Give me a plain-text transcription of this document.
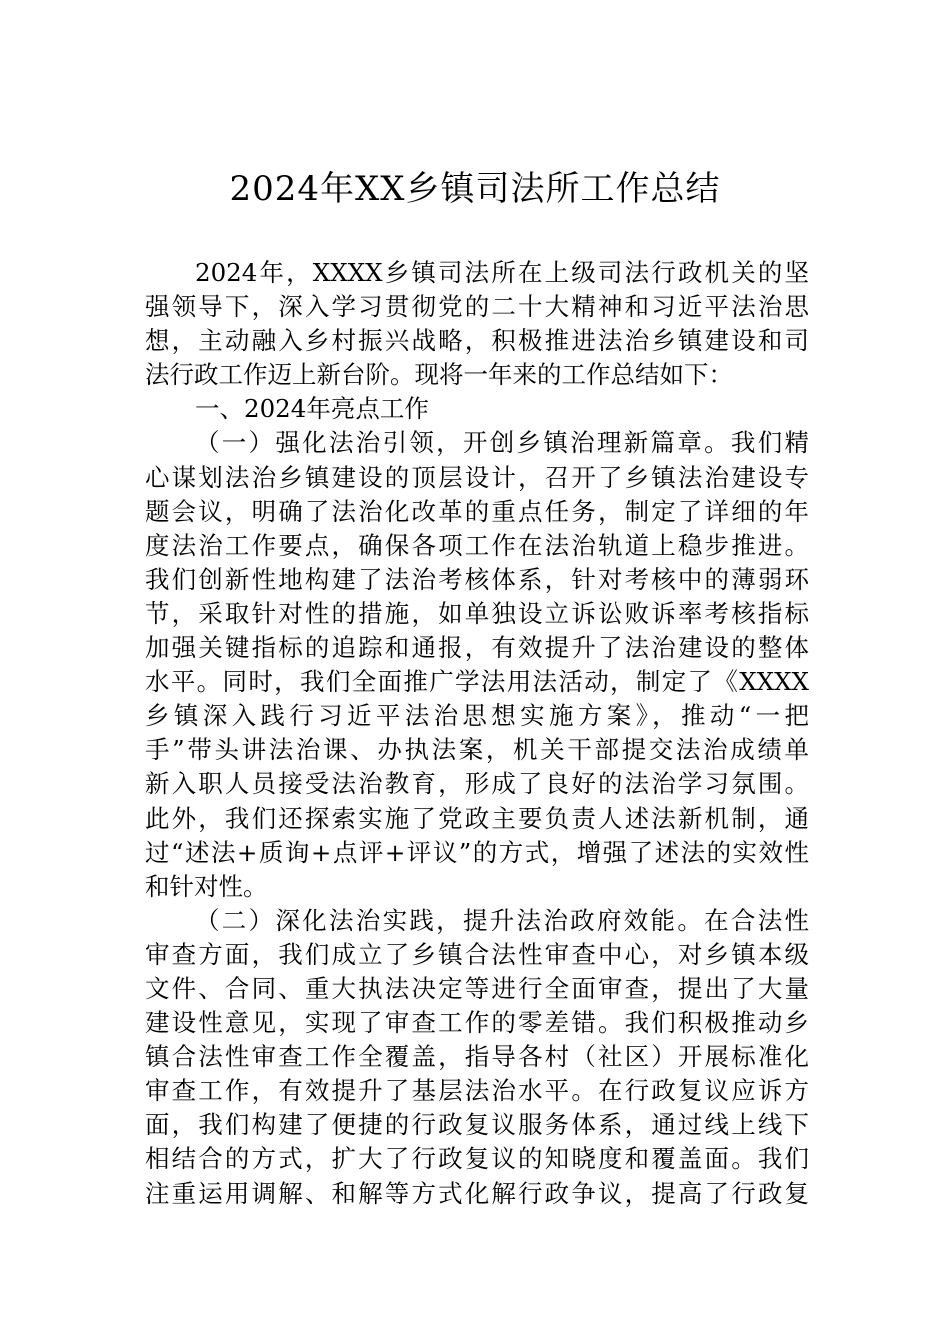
2024年XX乡镇司法所工作总结
2024年，XXXX乡镇司法所在上级司法行政机关的坚
强领导下，深入学习贯彻党的二十大精神和习近平法治思
想，主动融入乡村振兴战略，积极推进法治乡镇建设和司
法行政工作迈上新台阶。现将一年来的工作总结如下：
一、2024年亮点工作
（一）强化法治引领，开创乡镇治理新篇章。我们精
心谋划法治乡镇建设的顶层设计，召开了乡镇法治建设专
题会议，明确了法治化改革的重点任务，制定了详细的年
度法治工作要点，确保各项工作在法治轨道上稳步推进。
我们创新性地构建了法治考核体系，针对考核中的薄弱环
节，采取针对性的措施，如单独设立诉讼败诉率考核指标
加强关键指标的追踪和通报，有效提升了法治建设的整体
水平。同时，我们全面推广学法用法活动，制定了《XXXX
乡镇深入践行习近平法治思想实施方案》，推动“一把
手”带头讲法治课、办执法案，机关干部提交法治成绩单
新入职人员接受法治教育，形成了良好的法治学习氛围。
此外，我们还探索实施了党政主要负责人述法新机制，通
过“述法+质询+点评+评议”的方式，增强了述法的实效性
和针对性。
（二）深化法治实践，提升法治政府效能。在合法性
审查方面，我们成立了乡镇合法性审查中心，对乡镇本级
文件、合同、重大执法决定等进行全面审查，提出了大量
建设性意见，实现了审查工作的零差错。我们积极推动乡
镇合法性审查工作全覆盖，指导各村（社区）开展标准化
审查工作，有效提升了基层法治水平。在行政复议应诉方
面，我们构建了便捷的行政复议服务体系，通过线上线下
相结合的方式，扩大了行政复议的知晓度和覆盖面。我们
注重运用调解、和解等方式化解行政争议，提高了行政复
